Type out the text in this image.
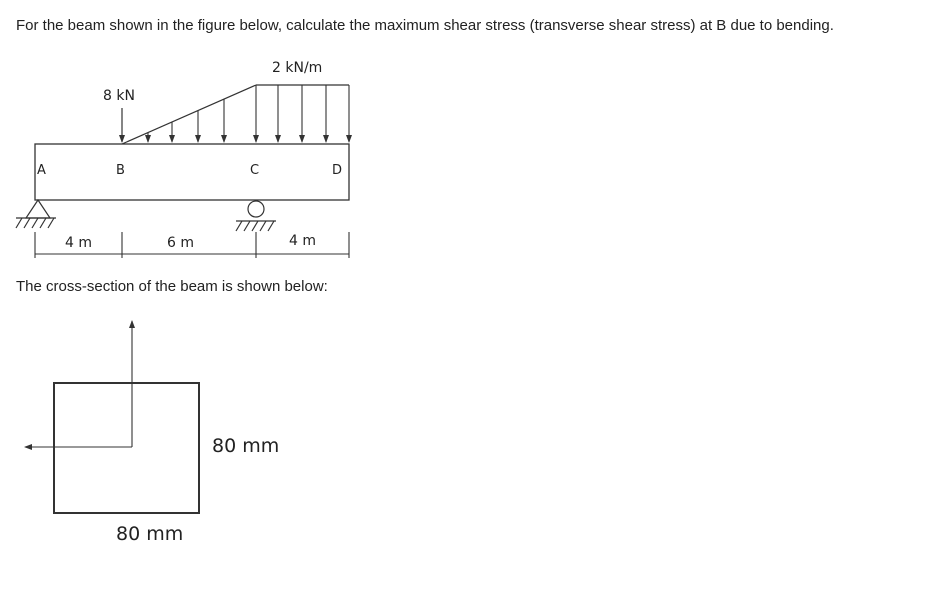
For the beam shown in the figure below, calculate the maximum shear stress (transverse shear stress) at B due to bending.
A	B	C	D
8 kN
2 kN/m
4 m	6 m	4 m
80 mm
80 mm
The cross-section of the beam is shown below:
